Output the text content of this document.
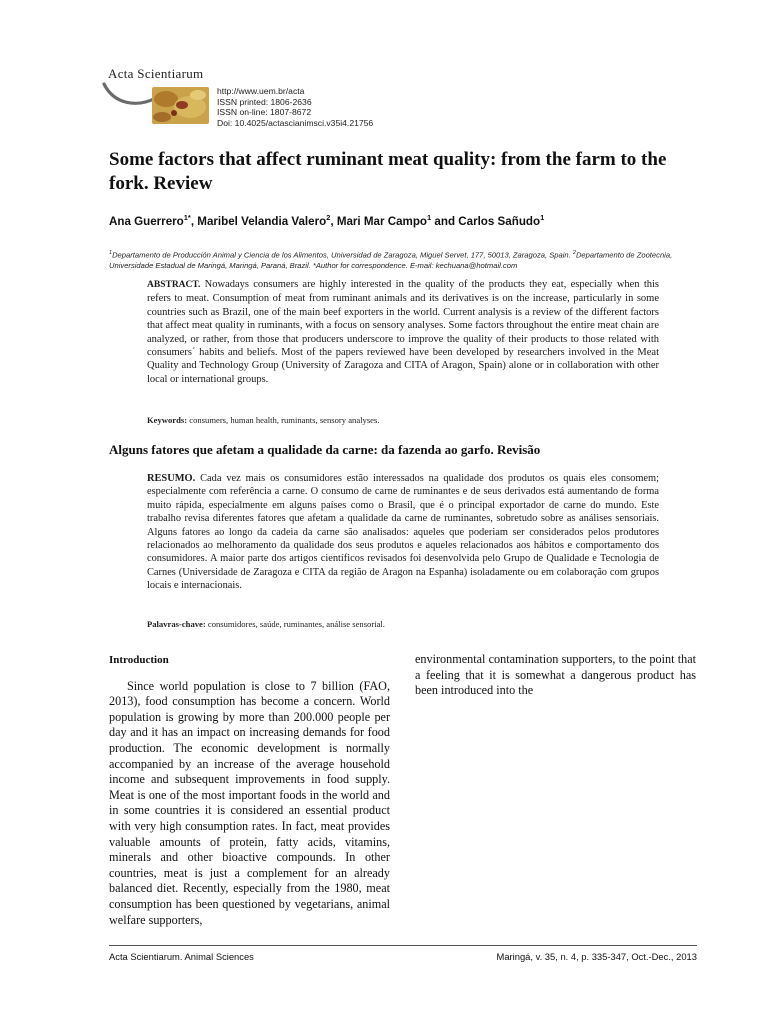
Acta Scientiarum
http://www.uem.br/acta
ISSN printed: 1806-2636
ISSN on-line: 1807-8672
Doi: 10.4025/actascianimsci.v35i4.21756
Some factors that affect ruminant meat quality: from the farm to the fork. Review
Ana Guerrero$^{1*}$, Maribel Velandia Valero$^2$, Mari Mar Campo$^1$ and Carlos Sañudo$^1$
$^1$Departamento de Producción Animal y Ciencia de los Alimentos, Universidad de Zaragoza, Miguel Servet, 177, 50013, Zaragoza, Spain. $^2$Departamento de Zootecnia, Universidade Estadual de Maringá, Maringá, Paraná, Brazil. *Author for correspondence. E-mail: kechuana@hotmail.com
ABSTRACT. Nowadays consumers are highly interested in the quality of the products they eat, especially when this refers to meat. Consumption of meat from ruminant animals and its derivatives is on the increase, particularly in some countries such as Brazil, one of the main beef exporters in the world. Current analysis is a review of the different factors that affect meat quality in ruminants, with a focus on sensory analyses. Some factors throughout the entire meat chain are analyzed, or rather, from those that producers underscore to improve the quality of their products to those related with consumers´ habits and beliefs. Most of the papers reviewed have been developed by researchers involved in the Meat Quality and Technology Group (University of Zaragoza and CITA of Aragon, Spain) alone or in collaboration with other local or international groups.
Keywords: consumers, human health, ruminants, sensory analyses.
Alguns fatores que afetam a qualidade da carne: da fazenda ao garfo. Revisão
RESUMO. Cada vez mais os consumidores estão interessados na qualidade dos produtos os quais eles consomem; especialmente com referência a carne. O consumo de carne de ruminantes e de seus derivados está aumentando de forma muito rápida, especialmente em alguns países como o Brasil, que é o principal exportador de carne do mundo. Este trabalho revisa diferentes fatores que afetam a qualidade da carne de ruminantes, sobretudo sobre as análises sensoriais. Alguns fatores ao longo da cadeia da carne são analisados: aqueles que poderiam ser considerados pelos produtores relacionados ao melhoramento da qualidade dos seus produtos e aqueles relacionados aos hábitos e comportamento dos consumidores. A maior parte dos artigos científicos revisados foi desenvolvida pelo Grupo de Qualidade e Tecnologia de Carnes (Universidade de Zaragoza e CITA da região de Aragon na Espanha) isoladamente ou em colaboração com grupos locais e internacionais.
Palavras-chave: consumidores, saúde, ruminantes, análise sensorial.
Introduction

Since world population is close to 7 billion (FAO, 2013), food consumption has become a concern. World population is growing by more than 200.000 people per day and it has an impact on increasing demands for food production. The economic development is normally accompanied by an increase of the average household income and subsequent improvements in food supply. Meat is one of the most important foods in the world and in some countries it is considered an essential product with very high consumption rates. In fact, meat provides valuable amounts of protein, fatty acids, vitamins, minerals and other bioactive compounds. In other countries, meat is just a complement for an already balanced diet. Recently, especially from the 1980, meat consumption has been questioned by vegetarians, animal welfare supporters,

environmental contamination supporters, to the point that a feeling that it is somewhat a dangerous product has been introduced into the

Acta Scientiarum. Animal Sciences	Maringá, v. 35, n. 4, p. 335-347, Oct.-Dec., 2013
